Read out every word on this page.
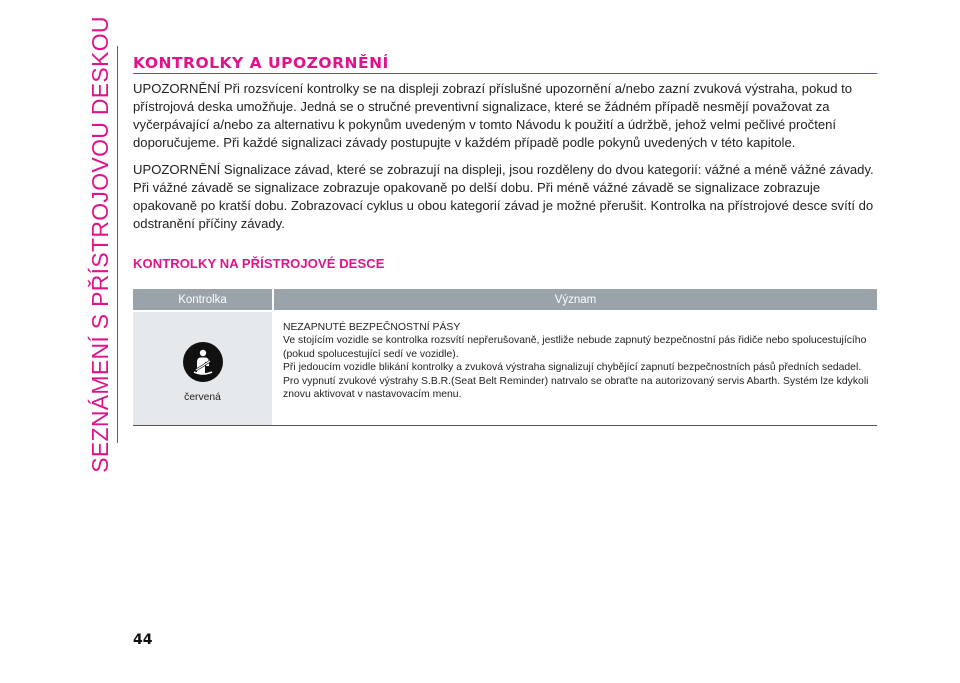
SEZNÁMENÍ S PŘÍSTROJOVOU DESKOU KONTROLKY A UPOZORNĚNÍ

UPOZORNĚNÍ Při rozsvícení kontrolky se na displeji zobrazí příslušné upozornění a/nebo zazní zvuková výstraha, pokud to přístrojová deska umožňuje. Jedná se o stručné preventivní signalizace, které se žádném případě nesmějí považovat za vyčerpávající a/nebo za alternativu k pokynům uvedeným v tomto Návodu k použití a údržbě, jehož velmi pečlivé pročtení doporučujeme. Při každé signalizaci závady postupujte v každém případě podle pokynů uvedených v této kapitole.

UPOZORNĚNÍ Signalizace závad, které se zobrazují na displeji, jsou rozděleny do dvou kategorií: vážné a méně vážné závady. Při vážné závadě se signalizace zobrazuje opakovaně po delší dobu. Při méně vážné závadě se signalizace zobrazuje opakovaně po kratší dobu. Zobrazovací cyklus u obou kategorií závad je možné přerušit. Kontrolka na přístrojové desce svítí do odstranění příčiny závady.

KONTROLKY NA PŘÍSTROJOVÉ DESCE
Kontrolka	Význam
červená

NEZAPNUTÉ BEZPEČNOSTNÍ PÁSY

Ve stojícím vozidle se kontrolka rozsvítí nepřerušovaně, jestliže nebude zapnutý bezpečnostní pás řidiče nebo spolucestujícího (pokud spolucestující sedí ve vozidle).

Při jedoucím vozidle blikání kontrolky a zvuková výstraha signalizují chybějící zapnutí bezpečnostních pásů předních sedadel.

Pro vypnutí zvukové výstrahy S.B.R.(Seat Belt Reminder) natrvalo se obraťte na autorizovaný servis Abarth. Systém lze kdykoli znovu aktivovat v nastavovacím menu.

44
